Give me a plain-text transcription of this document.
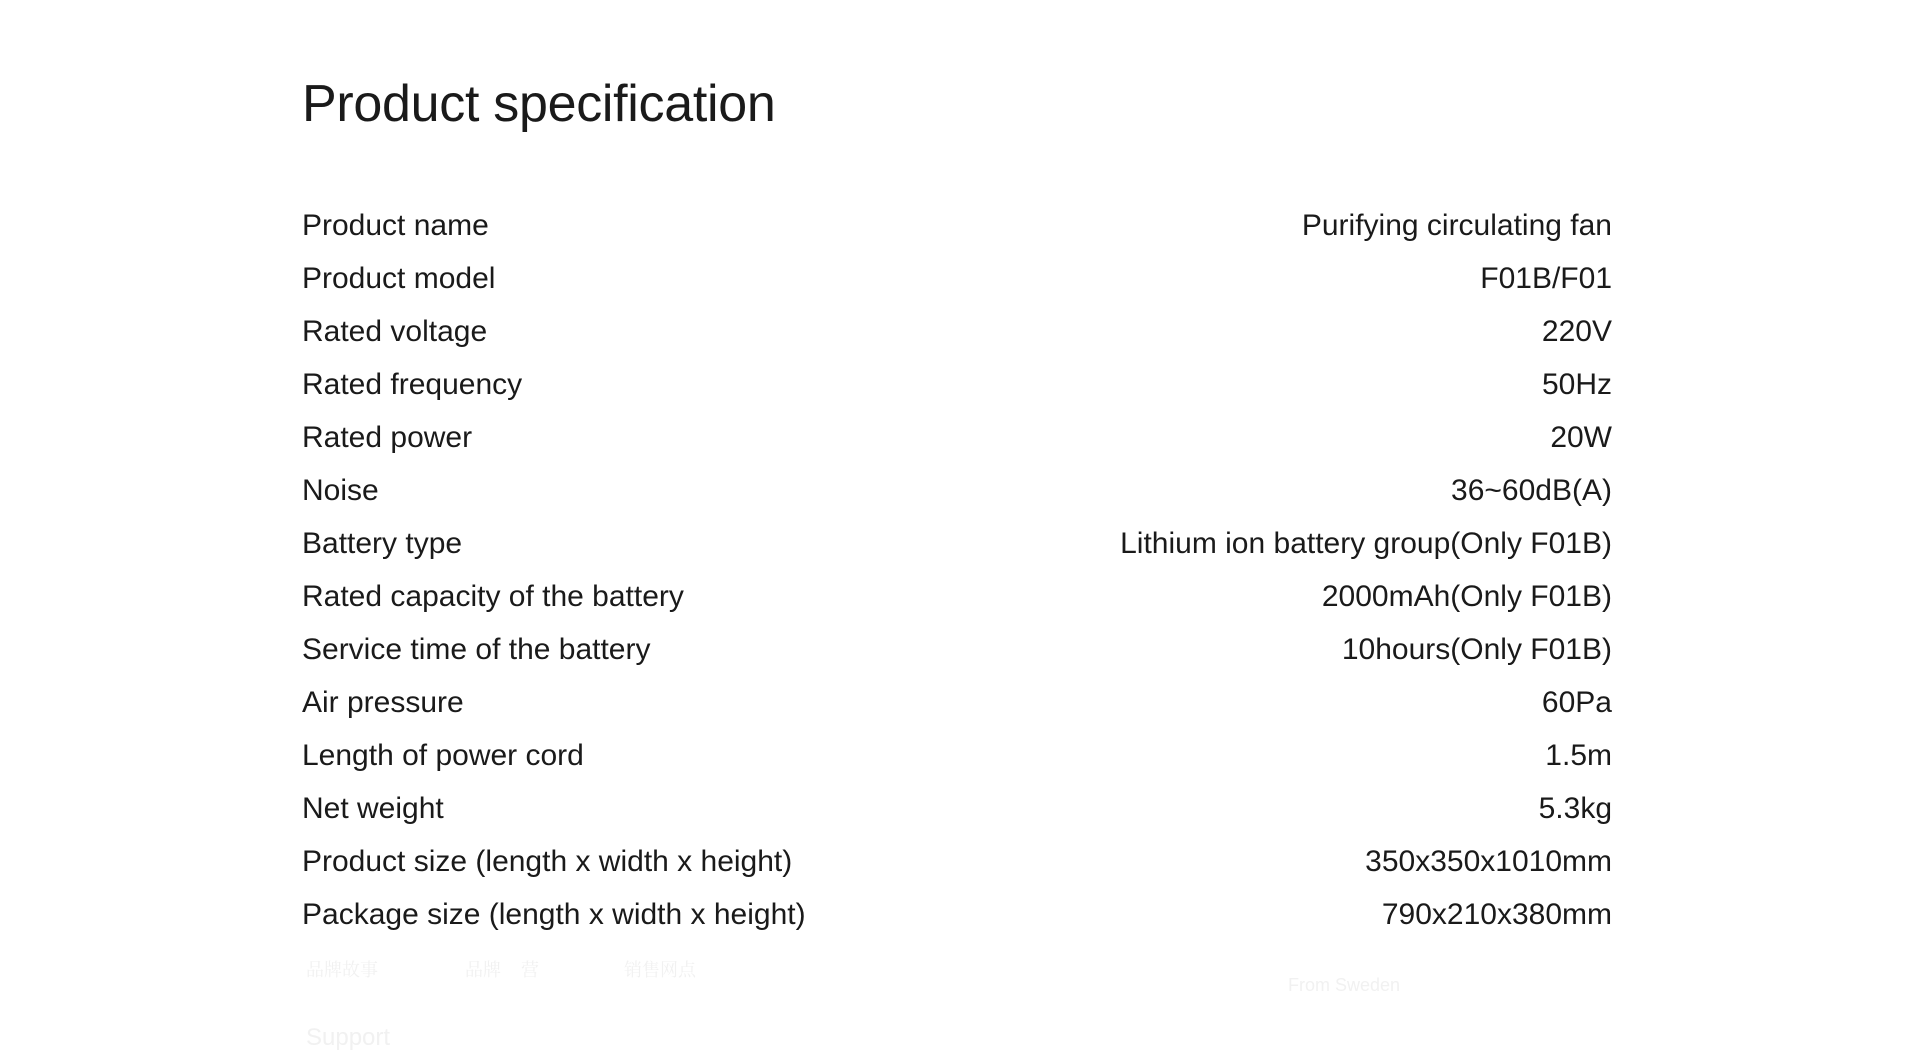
Product specification
Product name	Purifying circulating fan
Product model	F01B/F01
Rated voltage	220V
Rated frequency	50Hz
Rated power	20W
Noise	36~60dB(A)
Battery type	Lithium ion battery group(Only F01B)
Rated capacity of the battery	2000mAh(Only F01B)
Service time of the battery	10hours(Only F01B)
Air pressure	60Pa
Length of power cord	1.5m
Net weight	5.3kg
Product size (length x width x height)	350x350x1010mm
Package size (length x width x height)	790x210x380mm
品牌故事	品牌 营	销售网点
From Sweden
Support
